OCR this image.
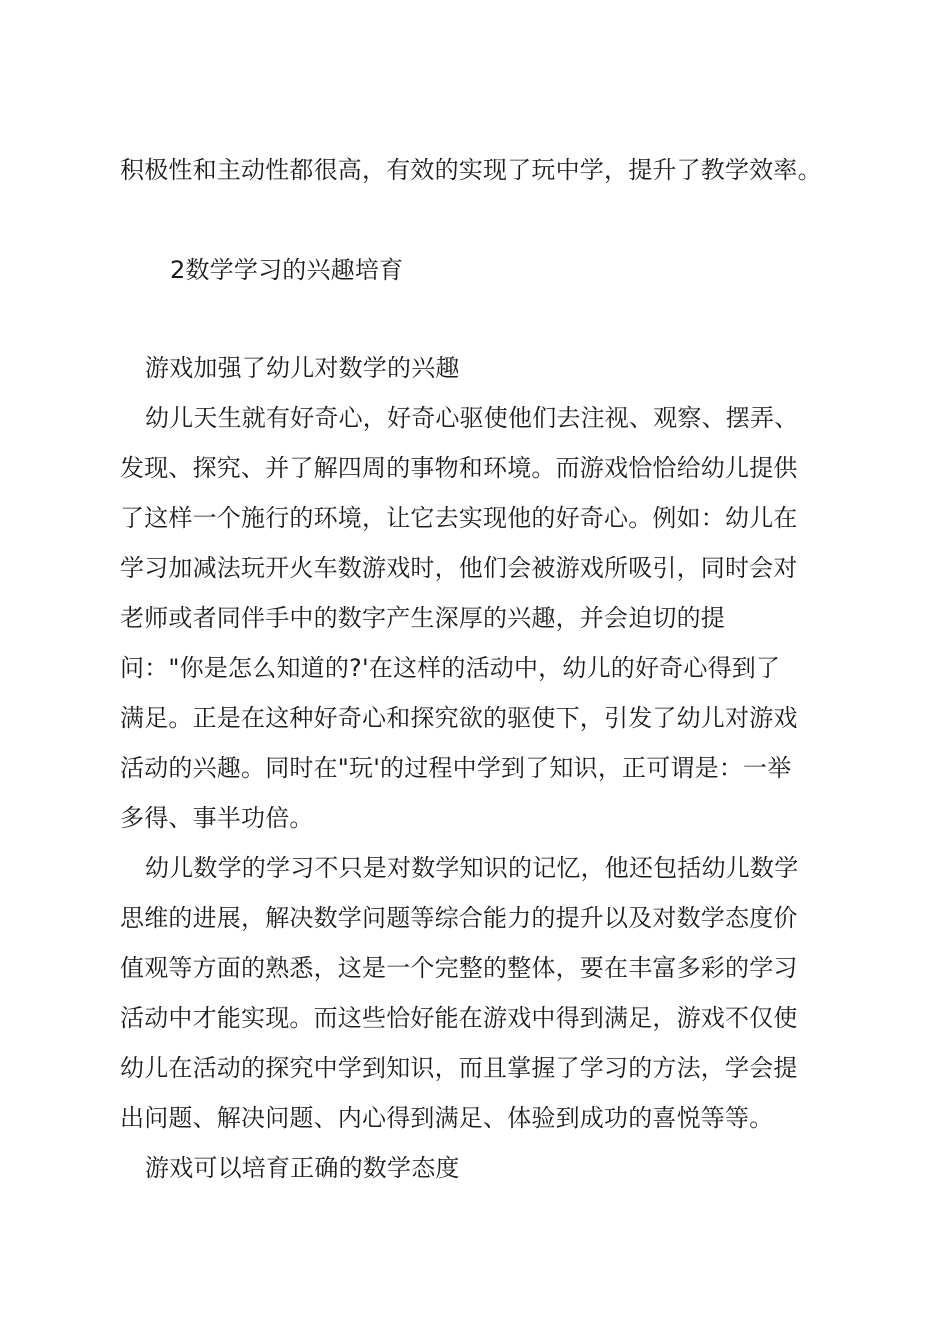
积极性和主动性都很高，有效的实现了玩中学，提升了教学效率。
2数学学习的兴趣培育
游戏加强了幼儿对数学的兴趣
幼儿天生就有好奇心，好奇心驱使他们去注视、观察、摆弄、
发现、探究、并了解四周的事物和环境。而游戏恰恰给幼儿提供
了这样一个施行的环境，让它去实现他的好奇心。例如：幼儿在
学习加减法玩开火车数游戏时，他们会被游戏所吸引，同时会对
老师或者同伴手中的数字产生深厚的兴趣，并会迫切的提
问："你是怎么知道的?'在这样的活动中，幼儿的好奇心得到了
满足。正是在这种好奇心和探究欲的驱使下，引发了幼儿对游戏
活动的兴趣。同时在"玩'的过程中学到了知识，正可谓是：一举
多得、事半功倍。
幼儿数学的学习不只是对数学知识的记忆，他还包括幼儿数学
思维的进展，解决数学问题等综合能力的提升以及对数学态度价
值观等方面的熟悉，这是一个完整的整体，要在丰富多彩的学习
活动中才能实现。而这些恰好能在游戏中得到满足，游戏不仅使
幼儿在活动的探究中学到知识，而且掌握了学习的方法，学会提
出问题、解决问题、内心得到满足、体验到成功的喜悦等等。
游戏可以培育正确的数学态度
